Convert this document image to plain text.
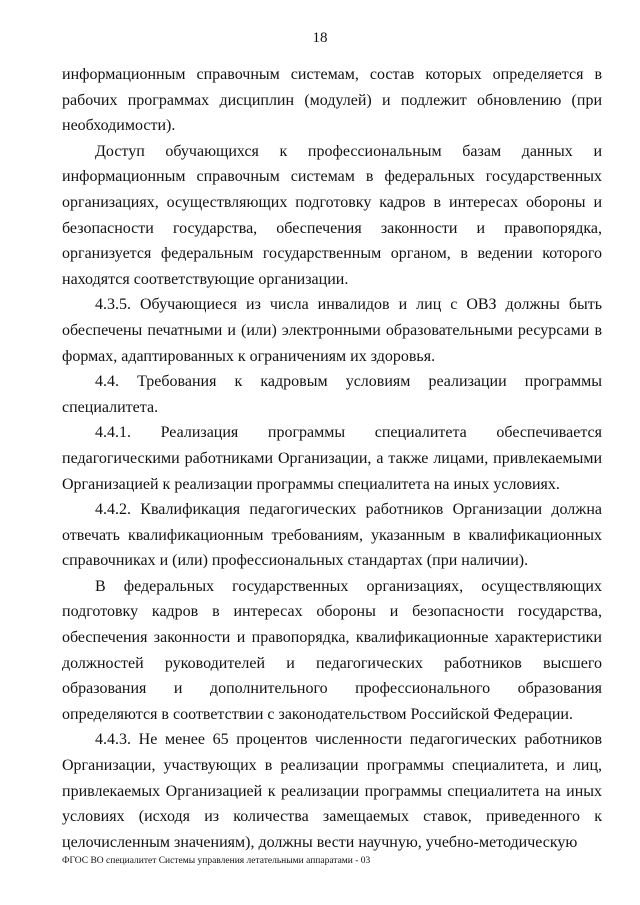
18

информационным справочным системам, состав которых определяется в рабочих программах дисциплин (модулей) и подлежит обновлению (при необходимости).

Доступ обучающихся к профессиональным базам данных и информационным справочным системам в федеральных государственных организациях, осуществляющих подготовку кадров в интересах обороны и безопасности государства, обеспечения законности и правопорядка, организуется федеральным государственным органом, в ведении которого находятся соответствующие организации.

4.3.5. Обучающиеся из числа инвалидов и лиц с ОВЗ должны быть обеспечены печатными и (или) электронными образовательными ресурсами в формах, адаптированных к ограничениям их здоровья.

4.4. Требования к кадровым условиям реализации программы специалитета.

4.4.1. Реализация программы специалитета обеспечивается педагогическими работниками Организации, а также лицами, привлекаемыми Организацией к реализации программы специалитета на иных условиях.

4.4.2. Квалификация педагогических работников Организации должна отвечать квалификационным требованиям, указанным в квалификационных справочниках и (или) профессиональных стандартах (при наличии).

В федеральных государственных организациях, осуществляющих подготовку кадров в интересах обороны и безопасности государства, обеспечения законности и правопорядка, квалификационные характеристики должностей руководителей и педагогических работников высшего образования и дополнительного профессионального образования определяются в соответствии с законодательством Российской Федерации.

4.4.3. Не менее 65 процентов численности педагогических работников Организации, участвующих в реализации программы специалитета, и лиц, привлекаемых Организацией к реализации программы специалитета на иных условиях (исходя из количества замещаемых ставок, приведенного к целочисленным значениям), должны вести научную, учебно-методическую

ФГОС ВО специалитет Системы управления летательными аппаратами - 03
